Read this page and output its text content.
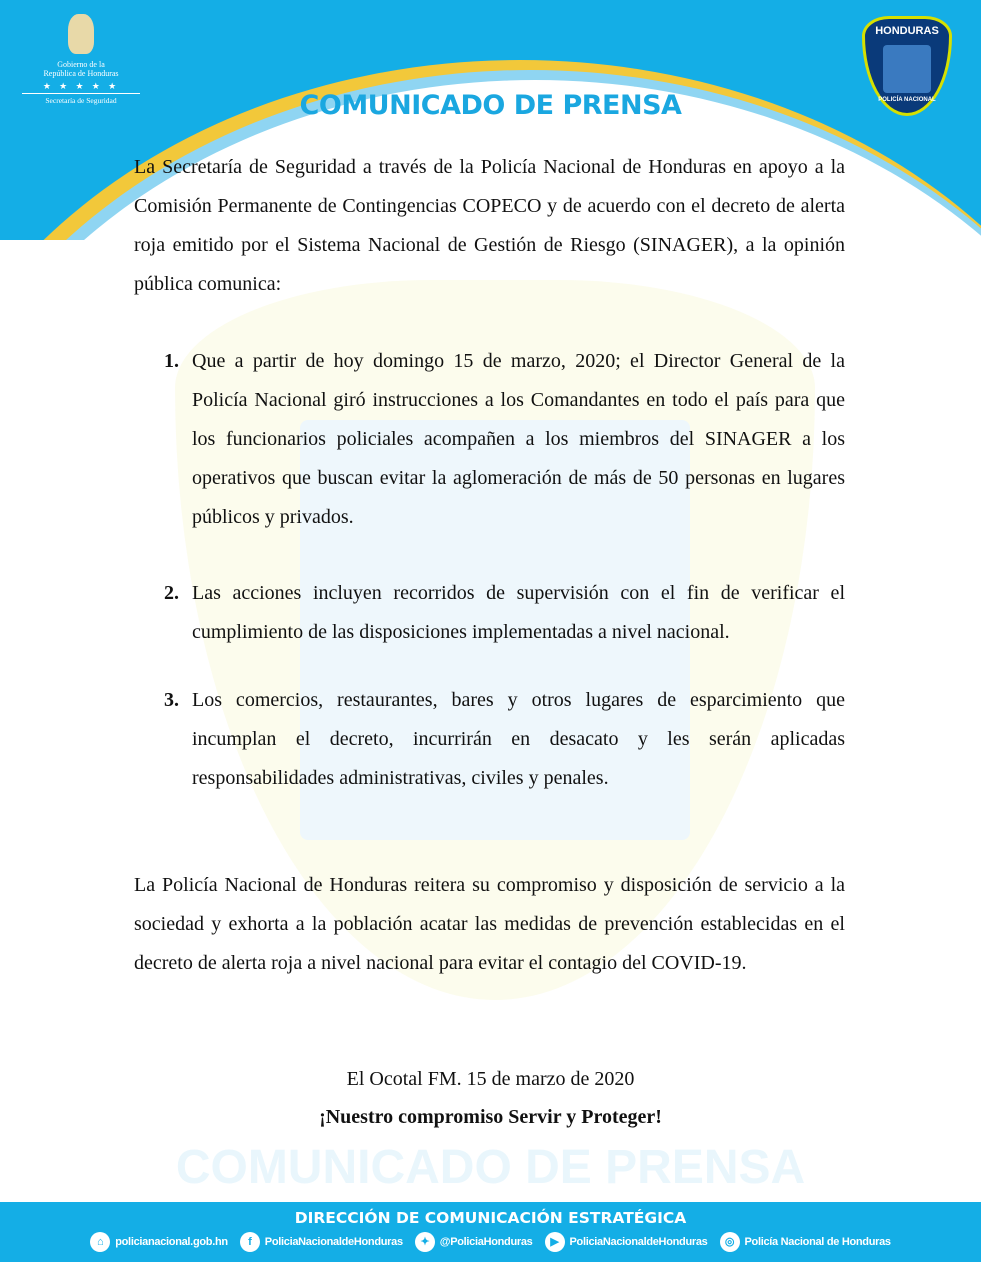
COMUNICADO DE PRENSA
Gobierno de la
República de Honduras
★ ★ ★ ★ ★
Secretaría de Seguridad
HONDURAS
POLICÍA NACIONAL
COMUNICADO DE PRENSA
La Secretaría de Seguridad a través de la Policía Nacional de Honduras en apoyo a la Comisión Permanente de Contingencias COPECO y de acuerdo con el decreto de alerta roja emitido por el Sistema Nacional de Gestión de Riesgo (SINAGER), a la opinión pública comunica:
1. Que a partir de hoy domingo 15 de marzo, 2020; el Director General de la Policía Nacional giró instrucciones a los Comandantes en todo el país para que los funcionarios policiales acompañen a los miembros del SINAGER a los operativos que buscan evitar la aglomeración de más de 50 personas en lugares públicos y privados.
2. Las acciones incluyen recorridos de supervisión con el fin de verificar el cumplimiento de las disposiciones implementadas a nivel nacional.
3. Los comercios, restaurantes, bares y otros lugares de esparcimiento que incumplan el decreto, incurrirán en desacato y les serán aplicadas responsabilidades administrativas, civiles y penales.
La Policía Nacional de Honduras reitera su compromiso y disposición de servicio a la sociedad y exhorta a la población acatar las medidas de prevención establecidas en el decreto de alerta roja a nivel nacional para evitar el contagio del COVID-19.
El Ocotal FM. 15 de marzo de 2020
¡Nuestro compromiso Servir y Proteger!
DIRECCIÓN DE COMUNICACIÓN ESTRATÉGICA
⌂ policianacional.gob.hn	f PoliciaNacionaldeHonduras	✦ @PoliciaHonduras	▶ PoliciaNacionaldeHonduras	◎ Policía Nacional de Honduras
